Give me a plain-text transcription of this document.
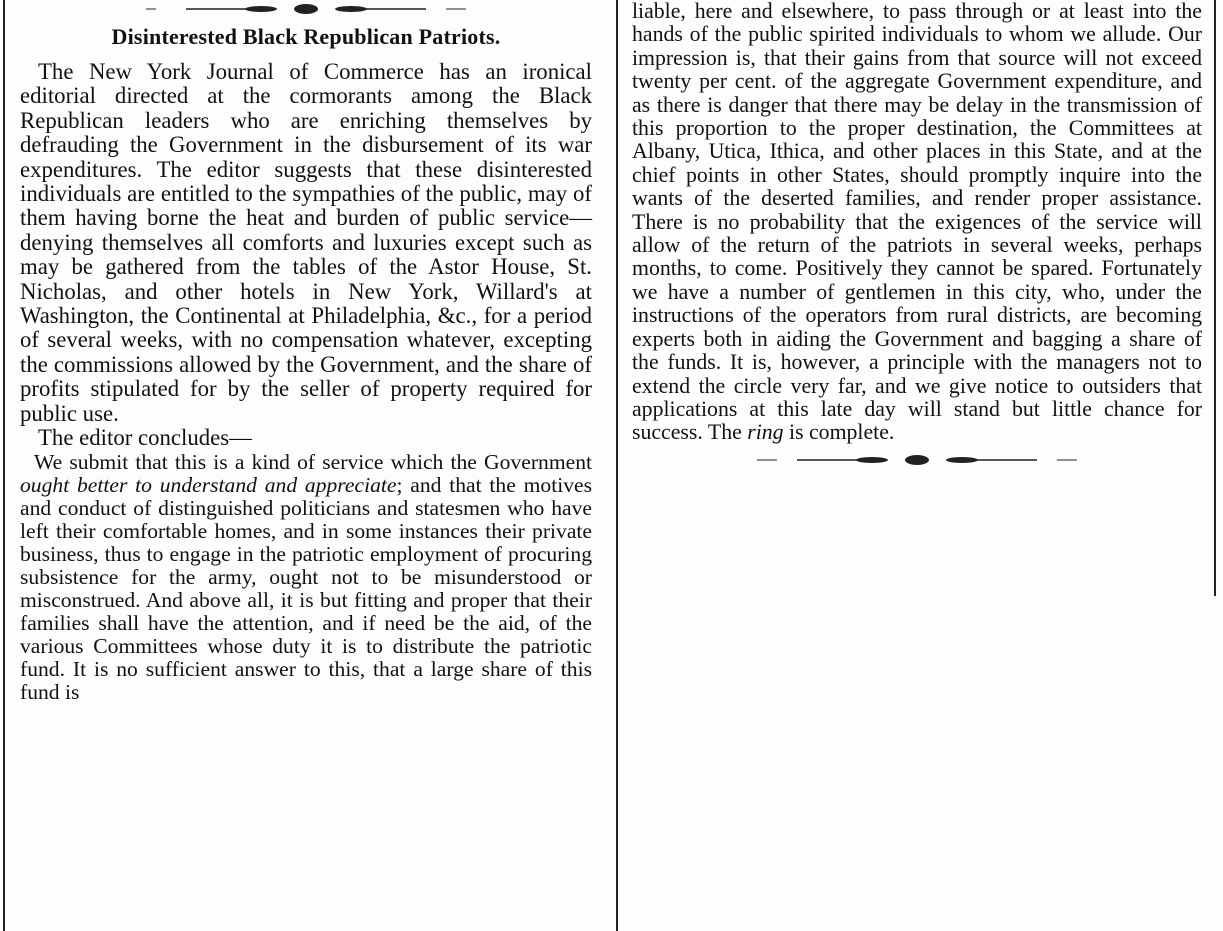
Disinterested Black Republican Patriots.

The New York Journal of Commerce has an ironical editorial directed at the cormorants among the Black Republican leaders who are enriching themselves by defrauding the Government in the disbursement of its war expenditures. The editor suggests that these disinterested individuals are entitled to the sympathies of the public, may of them having borne the heat and burden of public service—denying themselves all comforts and luxuries except such as may be gathered from the tables of the Astor House, St. Nicholas, and other hotels in New York, Willard's at Washington, the Continental at Philadelphia, &c., for a period of several weeks, with no compensation whatever, excepting the commissions allowed by the Government, and the share of profits stipulated for by the seller of property required for public use.

The editor concludes—

We submit that this is a kind of service which the Government ought better to understand and appreciate; and that the motives and conduct of distinguished politicians and statesmen who have left their comfortable homes, and in some instances their private business, thus to engage in the patriotic employment of procuring subsistence for the army, ought not to be misunderstood or misconstrued. And above all, it is but fitting and proper that their families shall have the attention, and if need be the aid, of the various Committees whose duty it is to distribute the patriotic fund. It is no sufficient answer to this, that a large share of this fund is

liable, here and elsewhere, to pass through or at least into the hands of the public spirited individuals to whom we allude. Our impression is, that their gains from that source will not exceed twenty per cent. of the aggregate Government expenditure, and as there is danger that there may be delay in the transmission of this proportion to the proper destination, the Committees at Albany, Utica, Ithica, and other places in this State, and at the chief points in other States, should promptly inquire into the wants of the deserted families, and render proper assistance. There is no probability that the exigences of the service will allow of the return of the patriots in several weeks, perhaps months, to come. Positively they cannot be spared. Fortunately we have a number of gentlemen in this city, who, under the instructions of the operators from rural districts, are becoming experts both in aiding the Government and bagging a share of the funds. It is, however, a principle with the managers not to extend the circle very far, and we give notice to outsiders that applications at this late day will stand but little chance for success. The ring is complete.
